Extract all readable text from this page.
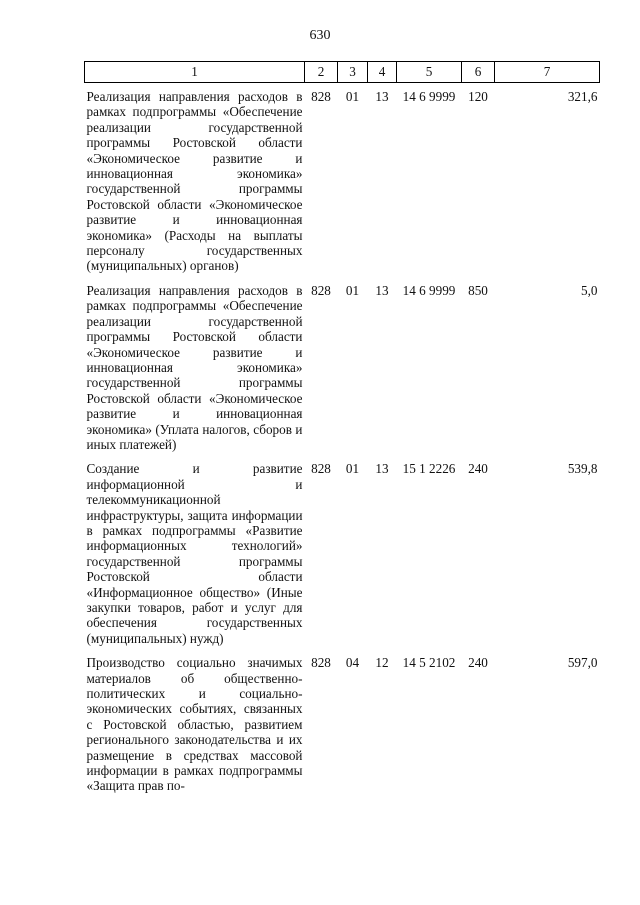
630
1	2	3	4	5	6	7
Реализация направления расходов в рамках подпрограммы «Обеспечение реализации государственной программы Ростовской области «Экономическое развитие и инновационная экономика» государственной программы Ростовской области «Экономическое развитие и инновационная экономика» (Расходы на выплаты персоналу государственных (муниципальных) органов)	828	01	13	14 6 9999	120	321,6
Реализация направления расходов в рамках подпрограммы «Обеспечение реализации государственной программы Ростовской области «Экономическое развитие и инновационная экономика» государственной программы Ростовской области «Экономическое развитие и инновационная экономика» (Уплата налогов, сборов и иных платежей)	828	01	13	14 6 9999	850	5,0
Создание и развитие информационной и телекоммуникационной инфраструктуры, защита информации в рамках подпрограммы «Развитие информационных технологий» государственной программы Ростовской области «Информационное общество» (Иные закупки товаров, работ и услуг для обеспечения государственных (муниципальных) нужд)	828	01	13	15 1 2226	240	539,8
Производство социально значимых материалов об общественно-политических и социально-экономических событиях, связанных с Ростовской областью, развитием регионального законодательства и их размещение в средствах массовой информации в рамках подпрограммы «Защита прав по-	828	04	12	14 5 2102	240	597,0
